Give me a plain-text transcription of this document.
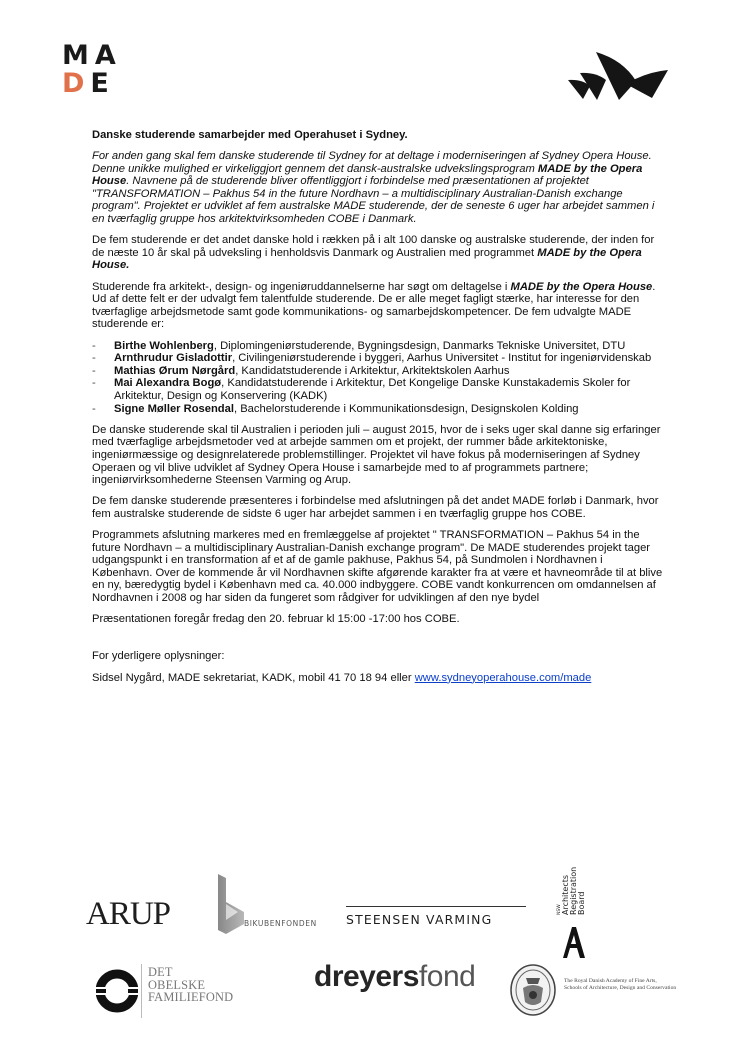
MA
DE

Danske studerende samarbejder med Operahuset i Sydney.

For anden gang skal fem danske studerende til Sydney for at deltage i moderniseringen af Sydney Opera House. Denne unikke mulighed er virkeliggjort gennem det dansk-australske udvekslingsprogram MADE by the Opera House. Navnene på de studerende bliver offentliggjort i forbindelse med præsentationen af projektet "TRANSFORMATION – Pakhus 54 in the future Nordhavn – a multidisciplinary Australian-Danish exchange program". Projektet er udviklet af fem australske MADE studerende, der de seneste 6 uger har arbejdet sammen i en tværfaglig gruppe hos arkitektvirksomheden COBE i Danmark.

De fem studerende er det andet danske hold i rækken på i alt 100 danske og australske studerende, der inden for de næste 10 år skal på udveksling i henholdsvis Danmark og Australien med programmet MADE by the Opera House.

Studerende fra arkitekt-, design- og ingeniøruddannelserne har søgt om deltagelse i MADE by the Opera House. Ud af dette felt er der udvalgt fem talentfulde studerende. De er alle meget fagligt stærke, har interesse for den tværfaglige arbejdsmetode samt gode kommunikations- og samarbejdskompetencer. De fem udvalgte MADE studerende er:

- Birthe Wohlenberg, Diplomingeniørstuderende, Bygningsdesign, Danmarks Tekniske Universitet, DTU
- Arnthrudur Gisladottir, Civilingeniørstuderende i byggeri, Aarhus Universitet - Institut for ingeniørvidenskab
- Mathias Ørum Nørgård, Kandidatstuderende i Arkitektur, Arkitektskolen Aarhus
- Mai Alexandra Bogø, Kandidatstuderende i Arkitektur, Det Kongelige Danske Kunstakademis Skoler for Arkitektur, Design og Konservering (KADK)
- Signe Møller Rosendal, Bachelorstuderende i Kommunikationsdesign, Designskolen Kolding

De danske studerende skal til Australien i perioden juli – august 2015, hvor de i seks uger skal danne sig erfaringer med tværfaglige arbejdsmetoder ved at arbejde sammen om et projekt, der rummer både arkitektoniske, ingeniørmæssige og designrelaterede problemstillinger. Projektet vil have fokus på moderniseringen af Sydney Operaen og vil blive udviklet af Sydney Opera House i samarbejde med to af programmets partnere; ingeniørvirksomhederne Steensen Varming og Arup.

De fem danske studerende præsenteres i forbindelse med afslutningen på det andet MADE forløb i Danmark, hvor fem australske studerende de sidste 6 uger har arbejdet sammen i en tværfaglig gruppe hos COBE.

Programmets afslutning markeres med en fremlæggelse af projektet " TRANSFORMATION – Pakhus 54 in the future Nordhavn – a multidisciplinary Australian-Danish exchange program". De MADE studerendes projekt tager udgangspunkt i en transformation af et af de gamle pakhuse, Pakhus 54, på Sundmolen i Nordhavnen i København. Over de kommende år vil Nordhavnen skifte afgørende karakter fra at være et havneområde til at blive en ny, bæredygtig bydel i København med ca. 40.000 indbyggere. COBE vandt konkurrencen om omdannelsen af Nordhavnen i 2008 og har siden da fungeret som rådgiver for udviklingen af den nye bydel

Præsentationen foregår fredag den 20. februar kl 15:00 -17:00 hos COBE.

For yderligere oplysninger:

Sidsel Nygård, MADE sekretariat, KADK, mobil 41 70 18 94 eller www.sydneyoperahouse.com/made

ARUP	BIKUBENFONDEN STEENSEN VARMING
NSW Architects Registration Board
DET
OBELSKE
FAMILIEFOND
dreyersfond	The Royal Danish Academy of Fine Arts,
Schools of Architecture, Design and Conservation
